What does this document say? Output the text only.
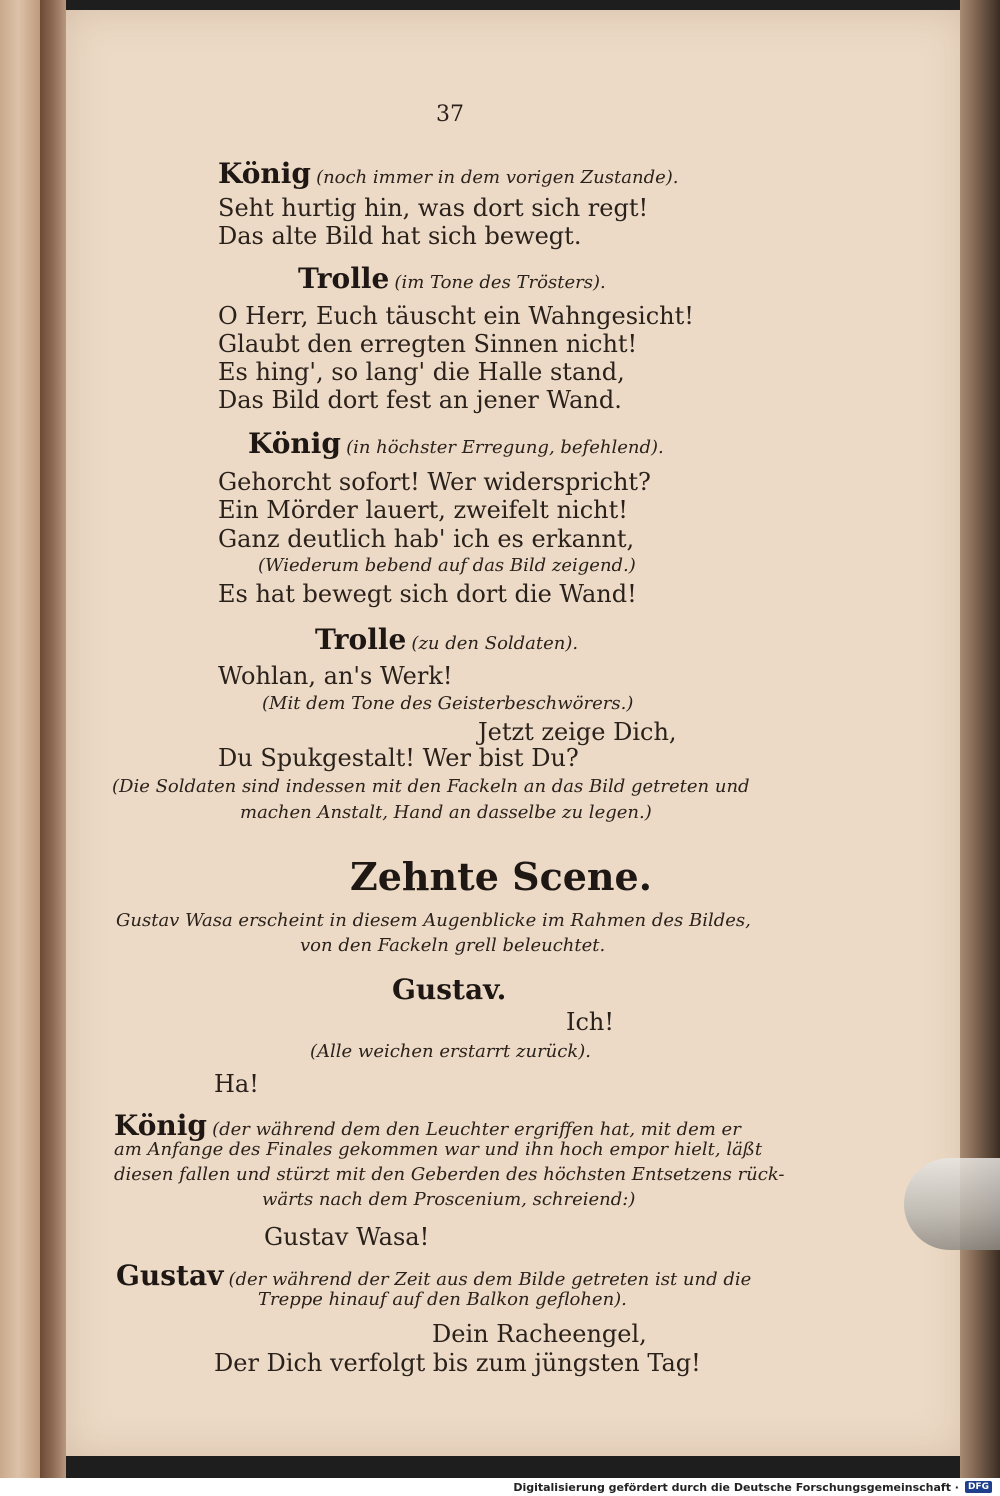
37
König (noch immer in dem vorigen Zustande).
Seht hurtig hin, was dort sich regt!
Das alte Bild hat sich bewegt.
Trolle (im Tone des Trösters).
O Herr, Euch täuscht ein Wahngesicht!
Glaubt den erregten Sinnen nicht!
Es hing', so lang' die Halle stand,
Das Bild dort fest an jener Wand.
König (in höchster Erregung, befehlend).
Gehorcht sofort! Wer widerspricht?
Ein Mörder lauert, zweifelt nicht!
Ganz deutlich hab' ich es erkannt,
(Wiederum bebend auf das Bild zeigend.)
Es hat bewegt sich dort die Wand!
Trolle (zu den Soldaten).
Wohlan, an's Werk!
(Mit dem Tone des Geisterbeschwörers.)
Jetzt zeige Dich,
Du Spukgestalt! Wer bist Du?
(Die Soldaten sind indessen mit den Fackeln an das Bild getreten und
machen Anstalt, Hand an dasselbe zu legen.)
Zehnte Scene.
Gustav Wasa erscheint in diesem Augenblicke im Rahmen des Bildes,
von den Fackeln grell beleuchtet.
Gustav.
Ich!
(Alle weichen erstarrt zurück).
Ha!
König (der während dem den Leuchter ergriffen hat, mit dem er
am Anfange des Finales gekommen war und ihn hoch empor hielt, läßt
diesen fallen und stürzt mit den Geberden des höchsten Entsetzens rück-
wärts nach dem Proscenium, schreiend:)
Gustav Wasa!
Gustav (der während der Zeit aus dem Bilde getreten ist und die
Treppe hinauf auf den Balkon geflohen).
Dein Racheengel,
Der Dich verfolgt bis zum jüngsten Tag!
Digitalisierung gefördert durch die Deutsche Forschungsgemeinschaft ·	DFG
